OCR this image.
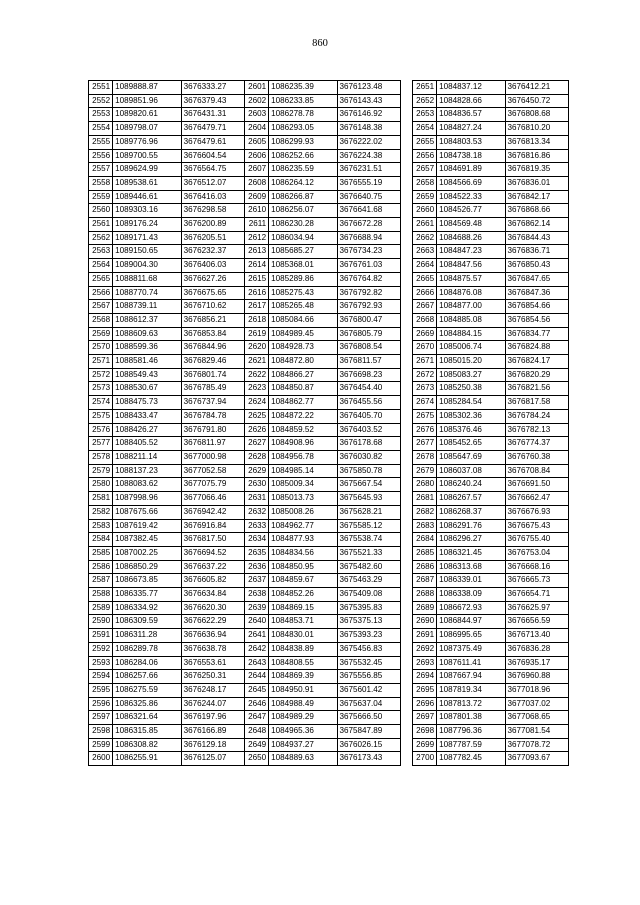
860
2551	1089888.87	3676333.27	2601	1086235.39	3676123.48		2651	1084837.12	3676412.21
2552	1089851.96	3676379.43	2602	1086233.85	3676143.43		2652	1084828.66	3676450.72
2553	1089820.61	3676431.31	2603	1086278.78	3676146.92		2653	1084836.57	3676808.68
2554	1089798.07	3676479.71	2604	1086293.05	3676148.38		2654	1084827.24	3676810.20
2555	1089776.96	3676479.61	2605	1086299.93	3676222.02		2655	1084803.53	3676813.34
2556	1089700.55	3676604.54	2606	1086252.66	3676224.38		2656	1084738.18	3676816.86
2557	1089624.99	3676564.75	2607	1086235.59	3676231.51		2657	1084691.89	3676819.35
2558	1089538.61	3676512.07	2608	1086264.12	3676555.19		2658	1084566.69	3676836.01
2559	1089446.61	3676416.03	2609	1086266.87	3676640.75		2659	1084522.33	3676842.17
2560	1089303.16	3676298.58	2610	1086256.07	3676641.68		2660	1084526.77	3676868.66
2561	1089176.24	3676200.89	2611	1086230.28	3676672.28		2661	1084569.48	3676862.14
2562	1089171.43	3676205.51	2612	1086034.94	3676688.94		2662	1084688.26	3676844.43
2563	1089150.65	3676232.37	2613	1085685.27	3676734.23		2663	1084847.23	3676836.71
2564	1089004.30	3676406.03	2614	1085368.01	3676761.03		2664	1084847.56	3676850.43
2565	1088811.68	3676627.26	2615	1085289.86	3676764.82		2665	1084875.57	3676847.65
2566	1088770.74	3676675.65	2616	1085275.43	3676792.82		2666	1084876.08	3676847.36
2567	1088739.11	3676710.62	2617	1085265.48	3676792.93		2667	1084877.00	3676854.66
2568	1088612.37	3676856.21	2618	1085084.66	3676800.47		2668	1084885.08	3676854.56
2569	1088609.63	3676853.84	2619	1084989.45	3676805.79		2669	1084884.15	3676834.77
2570	1088599.36	3676844.96	2620	1084928.73	3676808.54		2670	1085006.74	3676824.88
2571	1088581.46	3676829.46	2621	1084872.80	3676811.57		2671	1085015.20	3676824.17
2572	1088549.43	3676801.74	2622	1084866.27	3676698.23		2672	1085083.27	3676820.29
2573	1088530.67	3676785.49	2623	1084850.87	3676454.40		2673	1085250.38	3676821.56
2574	1088475.73	3676737.94	2624	1084862.77	3676455.56		2674	1085284.54	3676817.58
2575	1088433.47	3676784.78	2625	1084872.22	3676405.70		2675	1085302.36	3676784.24
2576	1088426.27	3676791.80	2626	1084859.52	3676403.52		2676	1085376.46	3676782.13
2577	1088405.52	3676811.97	2627	1084908.96	3676178.68		2677	1085452.65	3676774.37
2578	1088211.14	3677000.98	2628	1084956.78	3676030.82		2678	1085647.69	3676760.38
2579	1088137.23	3677052.58	2629	1084985.14	3675850.78		2679	1086037.08	3676708.84
2580	1088083.62	3677075.79	2630	1085009.34	3675667.54		2680	1086240.24	3676691.50
2581	1087998.96	3677066.46	2631	1085013.73	3675645.93		2681	1086267.57	3676662.47
2582	1087675.66	3676942.42	2632	1085008.26	3675628.21		2682	1086268.37	3676676.93
2583	1087619.42	3676916.84	2633	1084962.77	3675585.12		2683	1086291.76	3676675.43
2584	1087382.45	3676817.50	2634	1084877.93	3675538.74		2684	1086296.27	3676755.40
2585	1087002.25	3676694.52	2635	1084834.56	3675521.33		2685	1086321.45	3676753.04
2586	1086850.29	3676637.22	2636	1084850.95	3675482.60		2686	1086313.68	3676668.16
2587	1086673.85	3676605.82	2637	1084859.67	3675463.29		2687	1086339.01	3676665.73
2588	1086335.77	3676634.84	2638	1084852.26	3675409.08		2688	1086338.09	3676654.71
2589	1086334.92	3676620.30	2639	1084869.15	3675395.83		2689	1086672.93	3676625.97
2590	1086309.59	3676622.29	2640	1084853.71	3675375.13		2690	1086844.97	3676656.59
2591	1086311.28	3676636.94	2641	1084830.01	3675393.23		2691	1086995.65	3676713.40
2592	1086289.78	3676638.78	2642	1084838.89	3675456.83		2692	1087375.49	3676836.28
2593	1086284.06	3676553.61	2643	1084808.55	3675532.45		2693	1087611.41	3676935.17
2594	1086257.66	3676250.31	2644	1084869.39	3675556.85		2694	1087667.94	3676960.88
2595	1086275.59	3676248.17	2645	1084950.91	3675601.42		2695	1087819.34	3677018.96
2596	1086325.86	3676244.07	2646	1084988.49	3675637.04		2696	1087813.72	3677037.02
2597	1086321.64	3676197.96	2647	1084989.29	3675666.50		2697	1087801.38	3677068.65
2598	1086315.85	3676166.89	2648	1084965.36	3675847.89		2698	1087796.36	3677081.54
2599	1086308.82	3676129.18	2649	1084937.27	3676026.15		2699	1087787.59	3677078.72
2600	1086255.91	3676125.07	2650	1084889.63	3676173.43		2700	1087782.45	3677093.67
